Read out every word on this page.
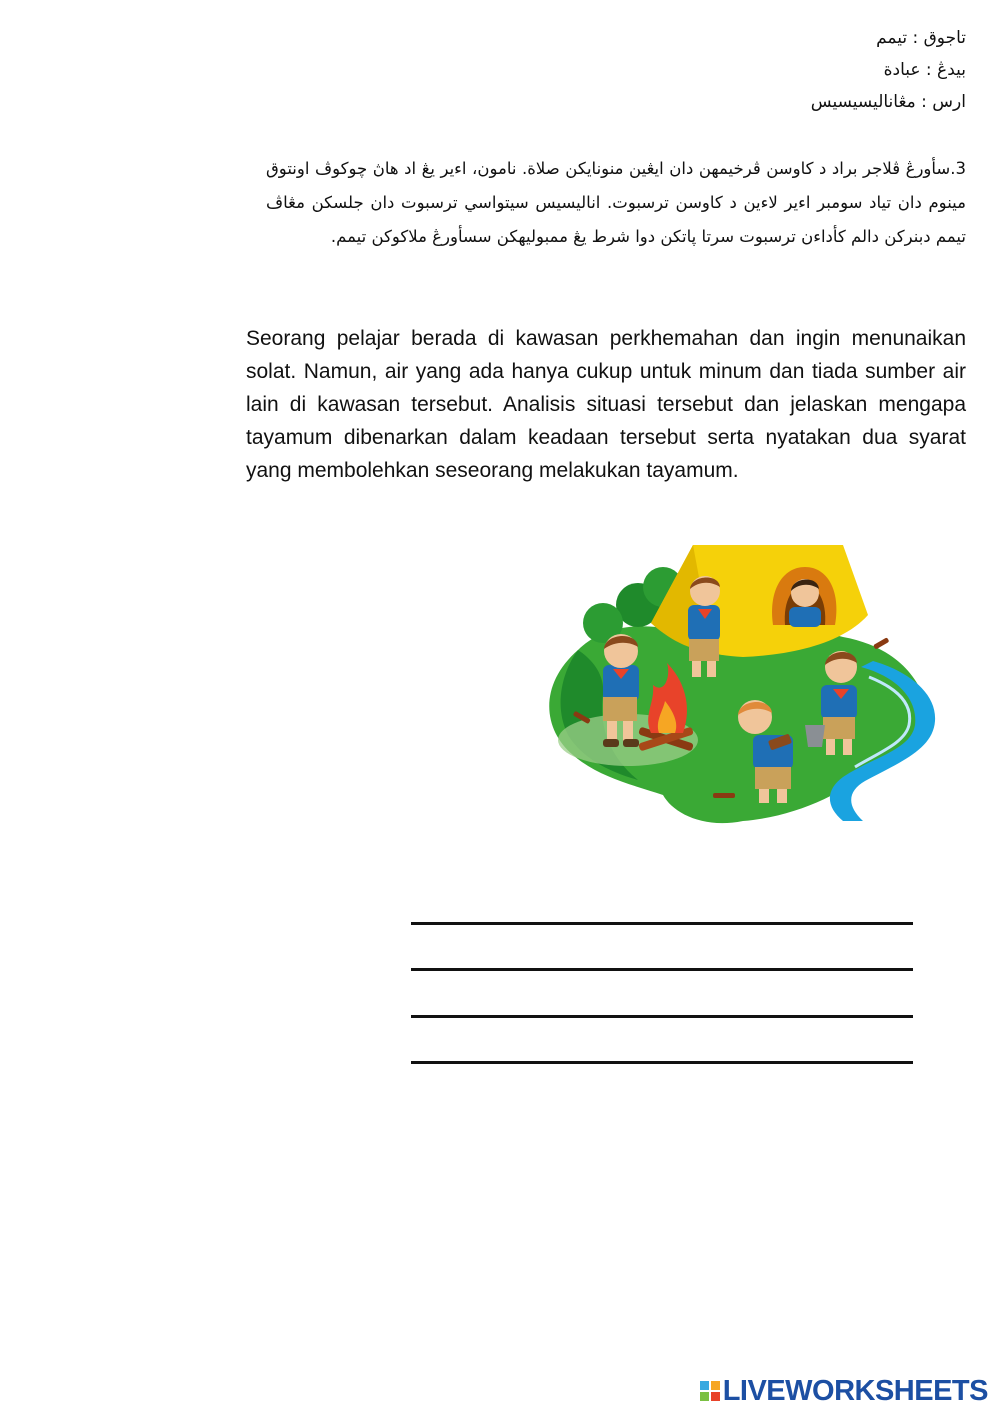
تاجوق : تيمم
بيدڠ : عبادة
ارس : مڠاناليسيسيس
3.سأورڠ ڤلاجر براد د کاوسن ڤرخيمهن دان ايڠين منونايکن صلاة. نامون، اءير يڠ اد هاڽ چوکوڤ اونتوق مينوم دان تياد سومبر اءير لاءين د کاوسن ترسبوت. اناليسيس سيتواسي ترسبوت دان جلسکن مڠاڤ تيمم دبنرکن دالم کأداءن ترسبوت سرتا ڽاتکن دوا شرط يڠ ممبوليهکن سسأورڠ ملاکوکن تيمم.
Seorang pelajar berada di kawasan perkhemahan dan ingin menunaikan solat. Namun, air yang ada hanya cukup untuk minum dan tiada sumber air lain di kawasan tersebut. Analisis situasi tersebut dan jelaskan mengapa tayamum dibenarkan dalam keadaan tersebut serta nyatakan dua syarat yang membolehkan seseorang melakukan tayamum.
LIVEWORKSHEETS
